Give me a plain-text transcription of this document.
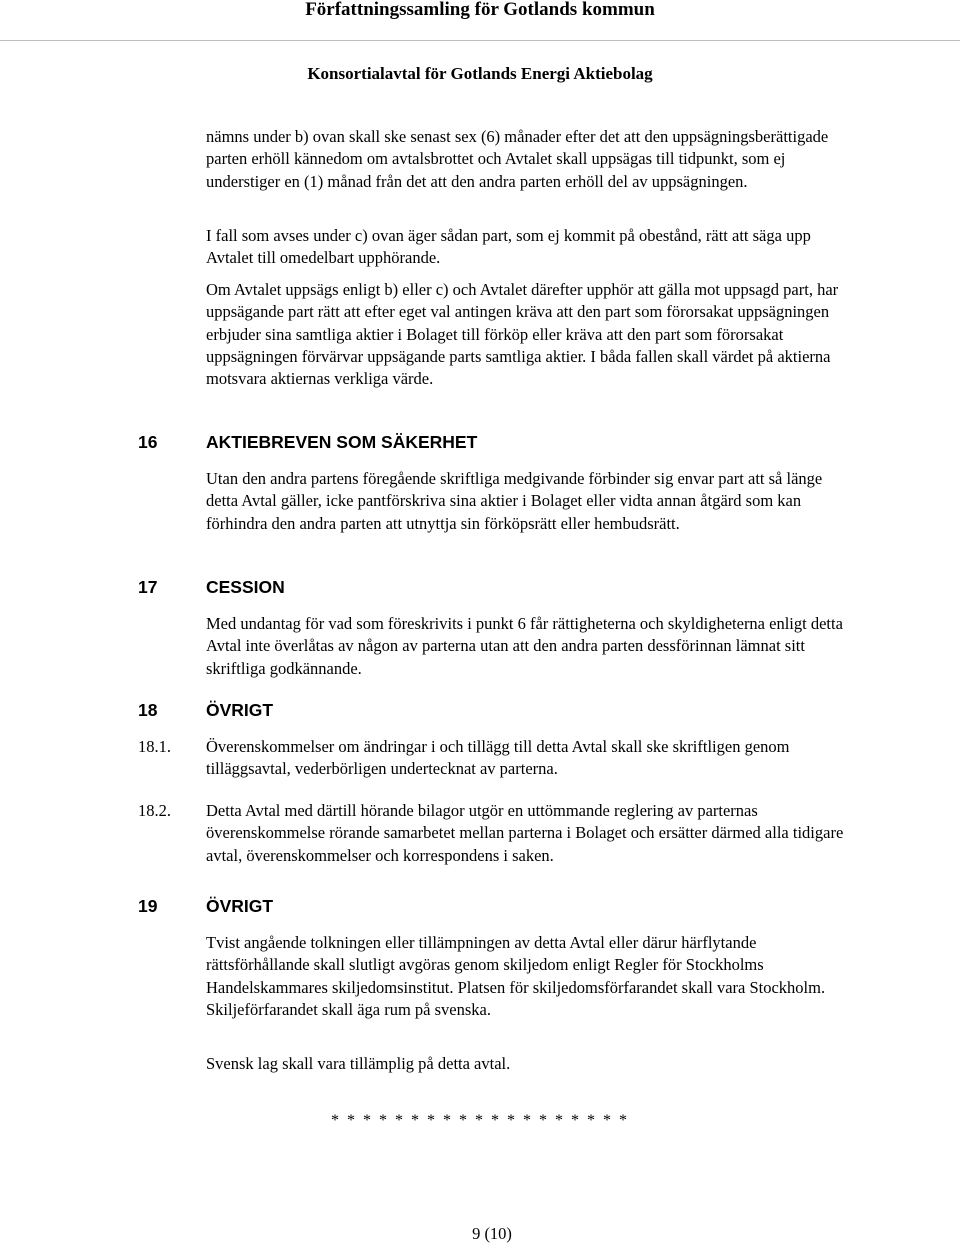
Författningssamling för Gotlands kommun

Konsortialavtal för Gotlands Energi Aktiebolag

nämns under b) ovan skall ske senast sex (6) månader efter det att den uppsägningsberättigade parten erhöll kännedom om avtalsbrottet och Avtalet skall uppsägas till tidpunkt, som ej understiger en (1) månad från det att den andra parten erhöll del av uppsägningen.

I fall som avses under c) ovan äger sådan part, som ej kommit på obestånd, rätt att säga upp Avtalet till omedelbart upphörande.

Om Avtalet uppsägs enligt b) eller c) och Avtalet därefter upphör att gälla mot uppsagd part, har uppsägande part rätt att efter eget val antingen kräva att den part som förorsakat uppsägningen erbjuder sina samtliga aktier i Bolaget till förköp eller kräva att den part som förorsakat uppsägningen förvärvar uppsägande parts samtliga aktier. I båda fallen skall värdet på aktierna motsvara aktiernas verkliga värde.

16	AKTIEBREVEN SOM SÄKERHET

Utan den andra partens föregående skriftliga medgivande förbinder sig envar part att så länge detta Avtal gäller, icke pantförskriva sina aktier i Bolaget eller vidta annan åtgärd som kan förhindra den andra parten att utnyttja sin förköpsrätt eller hembudsrätt.

17	CESSION

Med undantag för vad som föreskrivits i punkt 6 får rättigheterna och skyldigheterna enligt detta Avtal inte överlåtas av någon av parterna utan att den andra parten dessförinnan lämnat sitt skriftliga godkännande.

18	ÖVRIGT

18.1. Överenskommelser om ändringar i och tillägg till detta Avtal skall ske skriftligen genom tilläggsavtal, vederbörligen undertecknat av parterna.

18.2. Detta Avtal med därtill hörande bilagor utgör en uttömmande reglering av parternas överenskommelse rörande samarbetet mellan parterna i Bolaget och ersätter därmed alla tidigare avtal, överenskommelser och korrespondens i saken.

19	ÖVRIGT

Tvist angående tolkningen eller tillämpningen av detta Avtal eller därur härflytande rättsförhållande skall slutligt avgöras genom skiljedom enligt Regler för Stockholms Handelskammares skiljedomsinstitut. Platsen för skiljedomsförfarandet skall vara Stockholm. Skiljeförfarandet skall äga rum på svenska.

Svensk lag skall vara tillämplig på detta avtal.

* * * * * * * * * * * * * * * * * * *

9 (10)
